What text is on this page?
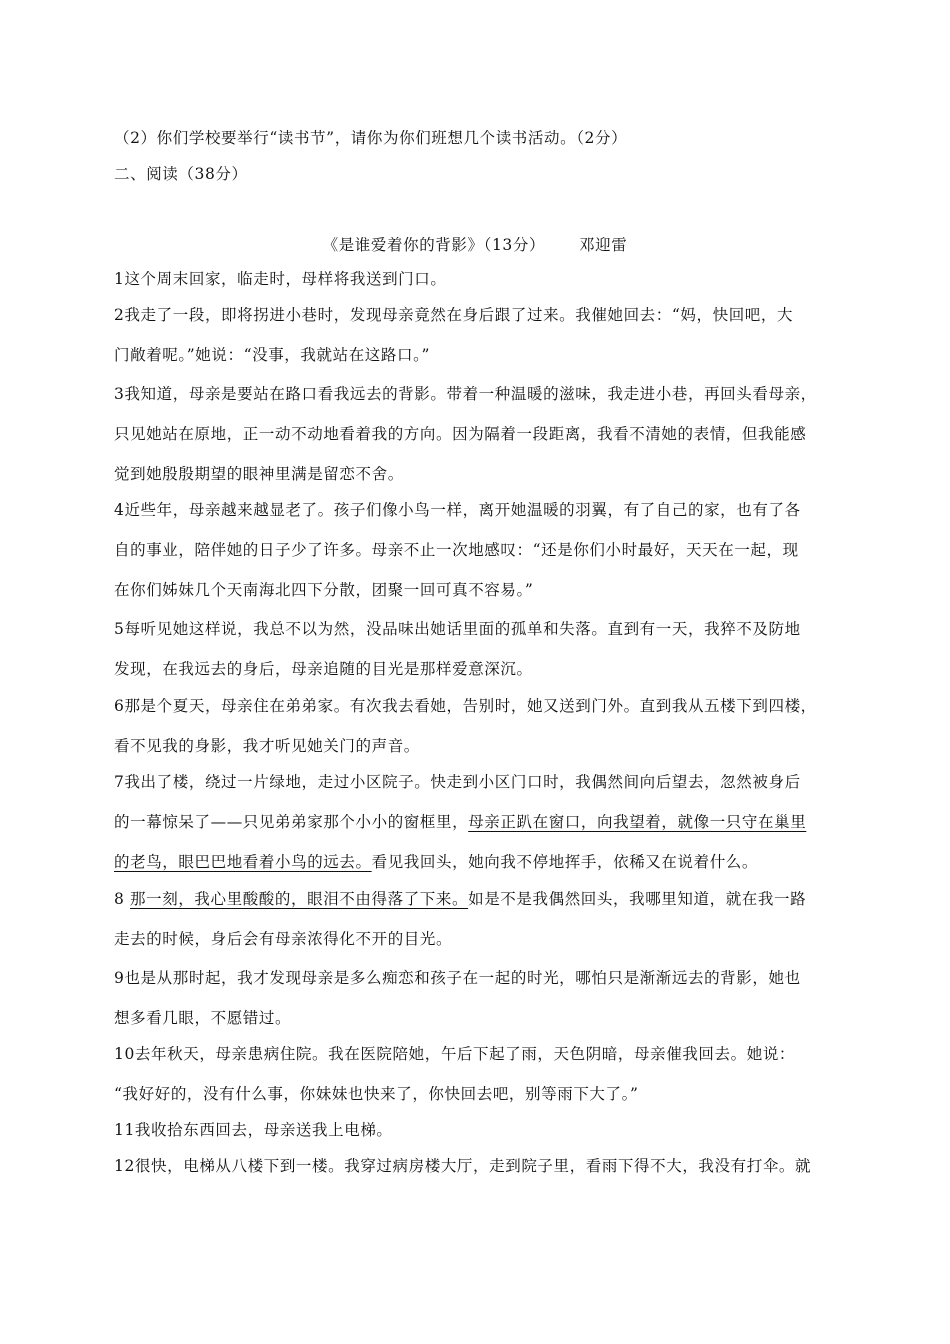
（2）你们学校要举行“读书节”，请你为你们班想几个读书活动。（2分）
二、阅读（38分）
《是谁爱着你的背影》（13分） 邓迎雷
1这个周末回家，临走时，母样将我送到门口。
2我走了一段，即将拐进小巷时，发现母亲竟然在身后跟了过来。我催她回去：“妈，快回吧，大
门敞着呢。”她说：“没事，我就站在这路口。”
3我知道，母亲是要站在路口看我远去的背影。带着一种温暖的滋味，我走进小巷，再回头看母亲，
只见她站在原地，正一动不动地看着我的方向。因为隔着一段距离，我看不清她的表情，但我能感
觉到她殷殷期望的眼神里满是留恋不舍。
4近些年，母亲越来越显老了。孩子们像小鸟一样，离开她温暖的羽翼，有了自己的家，也有了各
自的事业，陪伴她的日子少了许多。母亲不止一次地感叹：“还是你们小时最好，天天在一起，现
在你们姊妹几个天南海北四下分散，团聚一回可真不容易。”
5每听见她这样说，我总不以为然，没品味出她话里面的孤单和失落。直到有一天，我猝不及防地
发现，在我远去的身后，母亲追随的目光是那样爱意深沉。
6那是个夏天，母亲住在弟弟家。有次我去看她，告别时，她又送到门外。直到我从五楼下到四楼，
看不见我的身影，我才听见她关门的声音。
7我出了楼，绕过一片绿地，走过小区院子。快走到小区门口时，我偶然间向后望去，忽然被身后
的一幕惊呆了——只见弟弟家那个小小的窗框里，母亲正趴在窗口，向我望着，就像一只守在巢里
的老鸟，眼巴巴地看着小鸟的远去。看见我回头，她向我不停地挥手，依稀又在说着什么。
8 那一刻，我心里酸酸的，眼泪不由得落了下来。如是不是我偶然回头，我哪里知道，就在我一路
走去的时候，身后会有母亲浓得化不开的目光。
9也是从那时起，我才发现母亲是多么痴恋和孩子在一起的时光，哪怕只是渐渐远去的背影，她也
想多看几眼，不愿错过。
10去年秋天，母亲患病住院。我在医院陪她，午后下起了雨，天色阴暗，母亲催我回去。她说：
“我好好的，没有什么事，你妹妹也快来了，你快回去吧，别等雨下大了。”
11我收拾东西回去，母亲送我上电梯。
12很快，电梯从八楼下到一楼。我穿过病房楼大厅，走到院子里，看雨下得不大，我没有打伞。就
